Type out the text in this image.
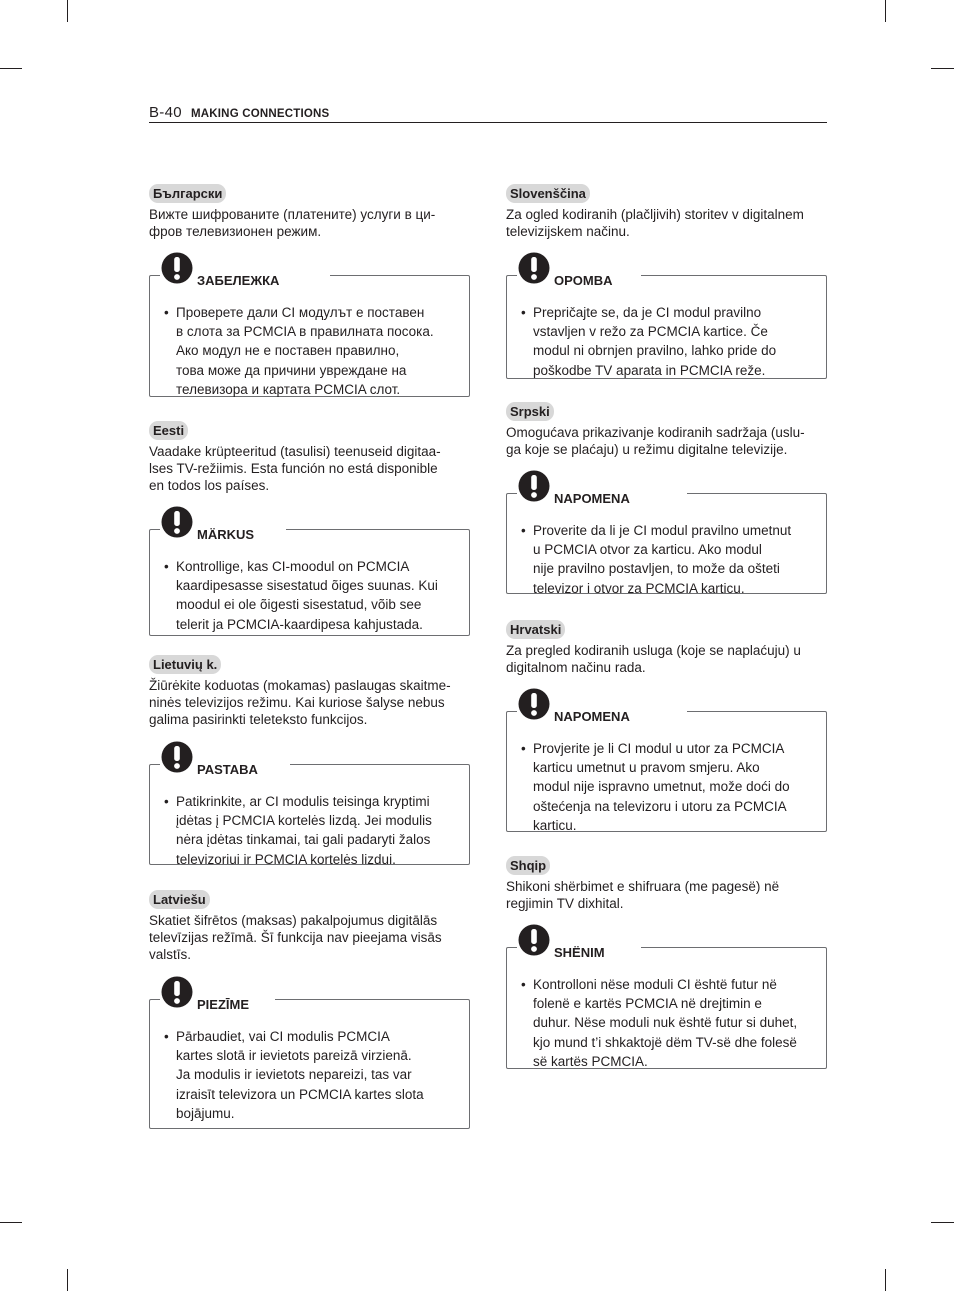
B-40 MAKING CONNECTIONS
Български

Вижте шифрованите (платените) услуги в ци-
фров телевизионен режим.

ЗАБЕЛЕЖКА
• Проверете дали CI модулът е поставен
в слота за PCMCIA в правилната посока.
Ако модул не е поставен правилно,
това може да причини увреждане на
телевизора и картата PCMCIA слот.
Eesti

Vaadake krüpteeritud (tasulisi) teenuseid digitaa-
lses TV-režiimis. Esta función no está disponible
en todos los países.

MÄRKUS
• Kontrollige, kas CI-moodul on PCMCIA
kaardipesasse sisestatud õiges suunas. Kui
moodul ei ole õigesti sisestatud, võib see
telerit ja PCMCIA-kaardipesa kahjustada.
Lietuvių k.

Žiūrėkite koduotas (mokamas) paslaugas skaitme-
ninės televizijos režimu. Kai kuriose šalyse nebus
galima pasirinkti teleteksto funkcijos.

PASTABA
• Patikrinkite, ar CI modulis teisinga kryptimi
įdėtas į PCMCIA kortelės lizdą. Jei modulis
nėra įdėtas tinkamai, tai gali padaryti žalos
televizoriui ir PCMCIA kortelės lizdui.
Latviešu

Skatiet šifrētos (maksas) pakalpojumus digitālās
televīzijas režīmā. Šī funkcija nav pieejama visās
valstīs.

PIEZĪME
• Pārbaudiet, vai CI modulis PCMCIA
kartes slotā ir ievietots pareizā virzienā.
Ja modulis ir ievietots nepareizi, tas var
izraisīt televizora un PCMCIA kartes slota
bojājumu.
Slovenščina

Za ogled kodiranih (plačljivih) storitev v digitalnem
televizijskem načinu.

OPOMBA
• Prepričajte se, da je CI modul pravilno
vstavljen v režo za PCMCIA kartice. Če
modul ni obrnjen pravilno, lahko pride do
poškodbe TV aparata in PCMCIA reže.
Srpski

Omogućava prikazivanje kodiranih sadržaja (uslu-
ga koje se plaćaju) u režimu digitalne televizije.

NAPOMENA
• Proverite da li je CI modul pravilno umetnut
u PCMCIA otvor za karticu. Ako modul
nije pravilno postavljen, to može da ošteti
televizor i otvor za PCMCIA karticu.
Hrvatski

Za pregled kodiranih usluga (koje se naplaćuju) u
digitalnom načinu rada.

NAPOMENA
• Provjerite je li CI modul u utor za PCMCIA
karticu umetnut u pravom smjeru. Ako
modul nije ispravno umetnut, može doći do
oštećenja na televizoru i utoru za PCMCIA
karticu.
Shqip

Shikoni shërbimet e shifruara (me pagesë) në
regjimin TV dixhital.

SHËNIM
• Kontrolloni nëse moduli CI është futur në
folenë e kartës PCMCIA në drejtimin e
duhur. Nëse moduli nuk është futur si duhet,
kjo mund t’i shkaktojë dëm TV-së dhe folesë
së kartës PCMCIA.
